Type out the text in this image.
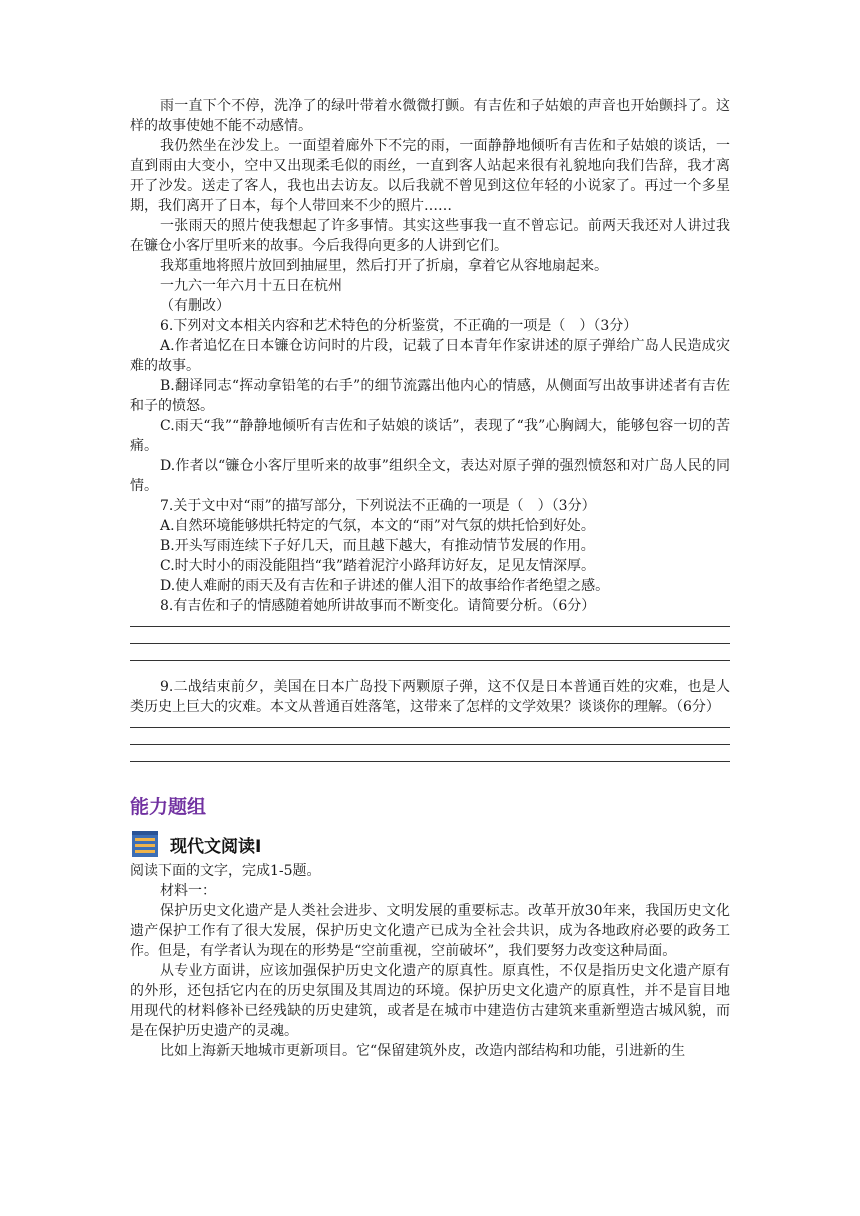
雨一直下个不停，洗净了的绿叶带着水微微打颤。有吉佐和子姑娘的声音也开始颤抖了。这样的故事使她不能不动感情。

我仍然坐在沙发上。一面望着廊外下不完的雨，一面静静地倾听有吉佐和子姑娘的谈话，一直到雨由大变小，空中又出现柔毛似的雨丝，一直到客人站起来很有礼貌地向我们告辞，我才离开了沙发。送走了客人，我也出去访友。以后我就不曾见到这位年轻的小说家了。再过一个多星期，我们离开了日本，每个人带回来不少的照片……

一张雨天的照片使我想起了许多事情。其实这些事我一直不曾忘记。前两天我还对人讲过我在镰仓小客厅里听来的故事。今后我得向更多的人讲到它们。

我郑重地将照片放回到抽屉里，然后打开了折扇，拿着它从容地扇起来。

一九六一年六月十五日在杭州

（有删改）

6.下列对文本相关内容和艺术特色的分析鉴赏，不正确的一项是（　）（3分）

A.作者追忆在日本镰仓访问时的片段，记载了日本青年作家讲述的原子弹给广岛人民造成灾难的故事。

B.翻译同志“挥动拿铅笔的右手”的细节流露出他内心的情感，从侧面写出故事讲述者有吉佐和子的愤怒。

C.雨天“我”“静静地倾听有吉佐和子姑娘的谈话”，表现了“我”心胸阔大，能够包容一切的苦痛。

D.作者以“镰仓小客厅里听来的故事”组织全文，表达对原子弹的强烈愤怒和对广岛人民的同情。

7.关于文中对“雨”的描写部分，下列说法不正确的一项是（　）（3分）

A.自然环境能够烘托特定的气氛，本文的“雨”对气氛的烘托恰到好处。

B.开头写雨连续下子好几天，而且越下越大，有推动情节发展的作用。

C.时大时小的雨没能阻挡“我”踏着泥泞小路拜访好友，足见友情深厚。

D.使人难耐的雨天及有吉佐和子讲述的催人泪下的故事给作者绝望之感。

8.有吉佐和子的情感随着她所讲故事而不断变化。请简要分析。（6分）

9.二战结束前夕，美国在日本广岛投下两颗原子弹，这不仅是日本普通百姓的灾难，也是人类历史上巨大的灾难。本文从普通百姓落笔，这带来了怎样的文学效果？谈谈你的理解。（6分）

能力题组

现代文阅读Ⅰ

阅读下面的文字，完成1-5题。

材料一：

保护历史文化遗产是人类社会进步、文明发展的重要标志。改革开放30年来，我国历史文化遗产保护工作有了很大发展，保护历史文化遗产已成为全社会共识，成为各地政府必要的政务工作。但是，有学者认为现在的形势是“空前重视，空前破坏”，我们要努力改变这种局面。

从专业方面讲，应该加强保护历史文化遗产的原真性。原真性，不仅是指历史文化遗产原有的外形，还包括它内在的历史氛围及其周边的环境。保护历史文化遗产的原真性，并不是盲目地用现代的材料修补已经残缺的历史建筑，或者是在城市中建造仿古建筑来重新塑造古城风貌，而是在保护历史遗产的灵魂。

比如上海新天地城市更新项目。它“保留建筑外皮，改造内部结构和功能，引进新的生
